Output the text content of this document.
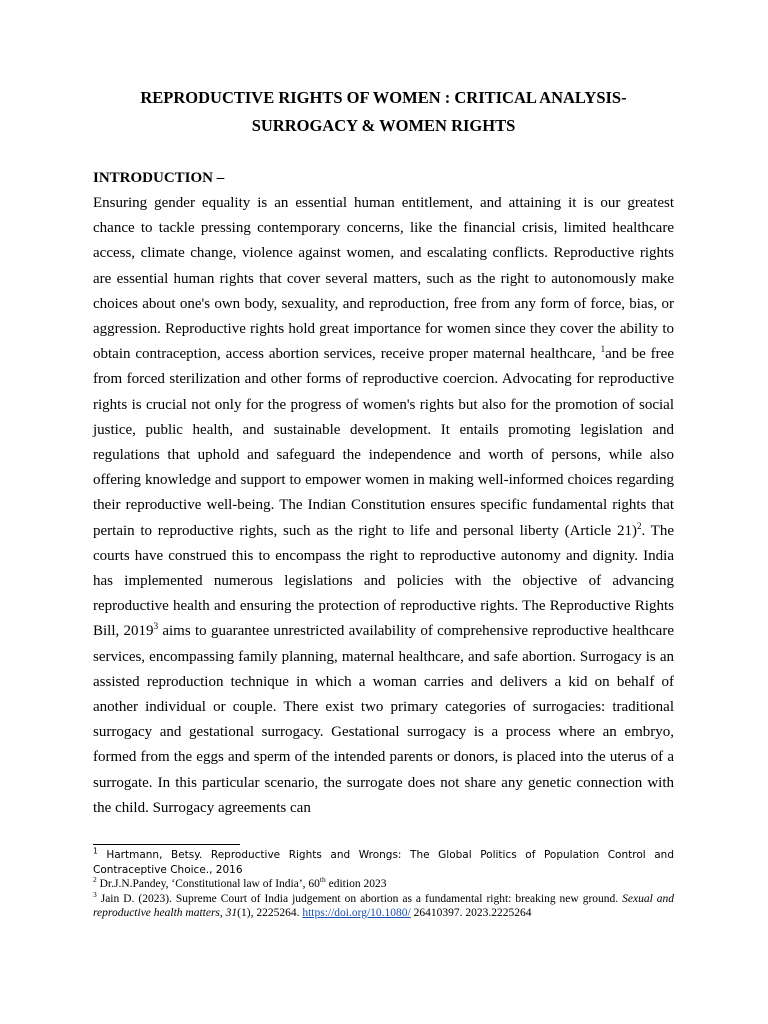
REPRODUCTIVE RIGHTS OF WOMEN : CRITICAL ANALYSIS-
SURROGACY & WOMEN RIGHTS
INTRODUCTION –

Ensuring gender equality is an essential human entitlement, and attaining it is our greatest chance to tackle pressing contemporary concerns, like the financial crisis, limited healthcare access, climate change, violence against women, and escalating conflicts. Reproductive rights are essential human rights that cover several matters, such as the right to autonomously make choices about one's own body, sexuality, and reproduction, free from any form of force, bias, or aggression. Reproductive rights hold great importance for women since they cover the ability to obtain contraception, access abortion services, receive proper maternal healthcare, $^1$and be free from forced sterilization and other forms of reproductive coercion. Advocating for reproductive rights is crucial not only for the progress of women's rights but also for the promotion of social justice, public health, and sustainable development. It entails promoting legislation and regulations that uphold and safeguard the independence and worth of persons, while also offering knowledge and support to empower women in making well-informed choices regarding their reproductive well-being. The Indian Constitution ensures specific fundamental rights that pertain to reproductive rights, such as the right to life and personal liberty (Article 21)$^2$. The courts have construed this to encompass the right to reproductive autonomy and dignity. India has implemented numerous legislations and policies with the objective of advancing reproductive health and ensuring the protection of reproductive rights. The Reproductive Rights Bill, 2019$^3$ aims to guarantee unrestricted availability of comprehensive reproductive healthcare services, encompassing family planning, maternal healthcare, and safe abortion. Surrogacy is an assisted reproduction technique in which a woman carries and delivers a kid on behalf of another individual or couple. There exist two primary categories of surrogacies: traditional surrogacy and gestational surrogacy. Gestational surrogacy is a process where an embryo, formed from the eggs and sperm of the intended parents or donors, is placed into the uterus of a surrogate. In this particular scenario, the surrogate does not share any genetic connection with the child. Surrogacy agreements can

$^1$ Hartmann, Betsy. Reproductive Rights and Wrongs: The Global Politics of Population Control and Contraceptive Choice., 2016

$^2$ Dr.J.N.Pandey, ‘Constitutional law of India’, 60th edition 2023

$^3$ Jain D. (2023). Supreme Court of India judgement on abortion as a fundamental right: breaking new ground. Sexual and reproductive health matters, 31(1), 2225264. https://doi.org/10.1080/ 26410397. 2023.2225264
